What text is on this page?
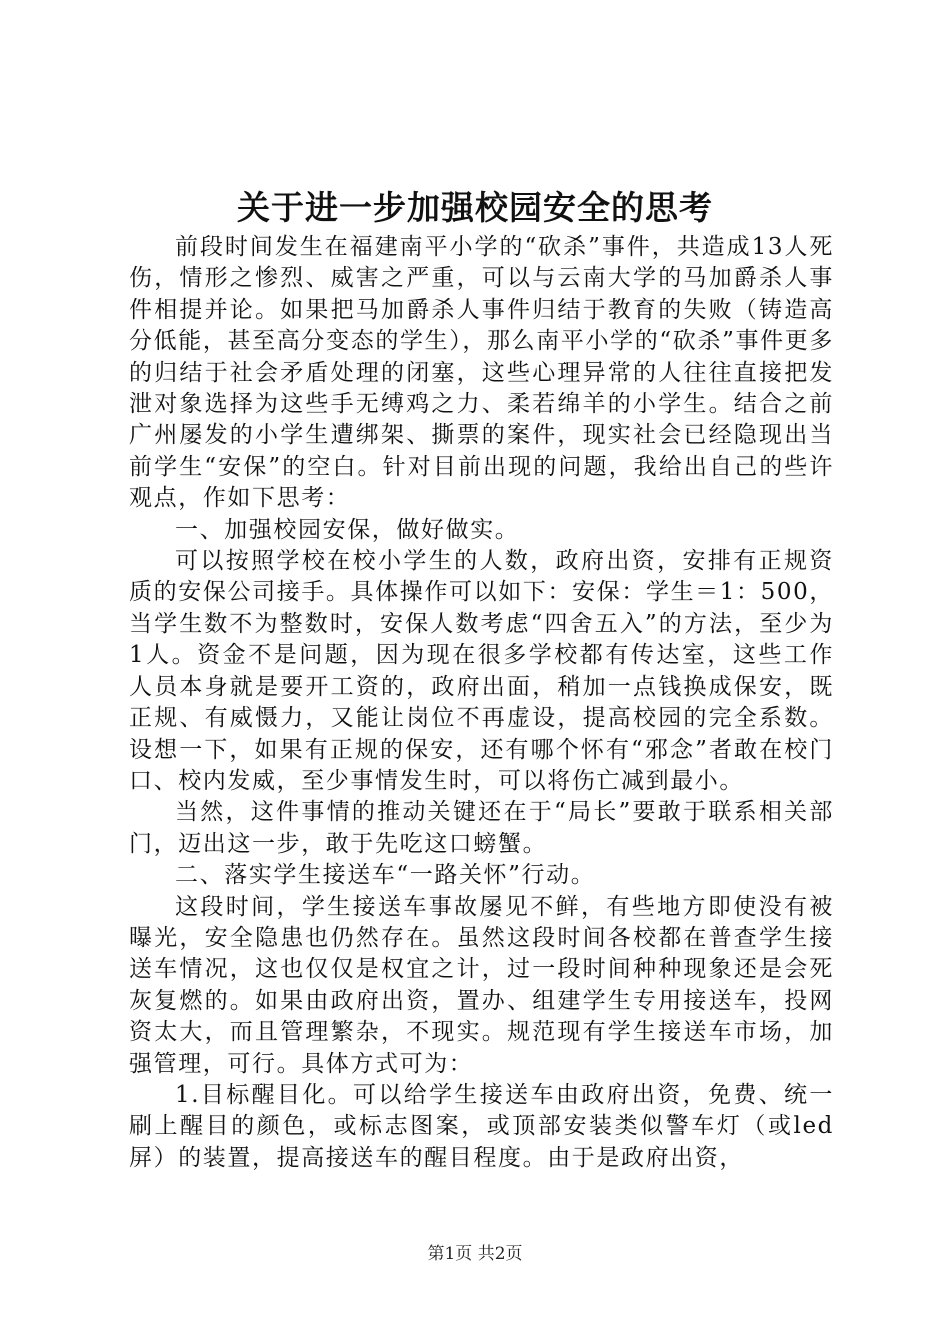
关于进一步加强校园安全的思考

前段时间发生在福建南平小学的“砍杀”事件，共造成13人死伤，情形之惨烈、威害之严重，可以与云南大学的马加爵杀人事件相提并论。如果把马加爵杀人事件归结于教育的失败（铸造高分低能，甚至高分变态的学生），那么南平小学的“砍杀”事件更多的归结于社会矛盾处理的闭塞，这些心理异常的人往往直接把发泄对象选择为这些手无缚鸡之力、柔若绵羊的小学生。结合之前广州屡发的小学生遭绑架、撕票的案件，现实社会已经隐现出当前学生“安保”的空白。针对目前出现的问题，我给出自己的些许观点，作如下思考：

一、加强校园安保，做好做实。

可以按照学校在校小学生的人数，政府出资，安排有正规资质的安保公司接手。具体操作可以如下：安保：学生＝1：500，当学生数不为整数时，安保人数考虑“四舍五入”的方法，至少为1人。资金不是问题，因为现在很多学校都有传达室，这些工作人员本身就是要开工资的，政府出面，稍加一点钱换成保安，既正规、有威慑力，又能让岗位不再虚设，提高校园的完全系数。设想一下，如果有正规的保安，还有哪个怀有“邪念”者敢在校门口、校内发威，至少事情发生时，可以将伤亡减到最小。

当然，这件事情的推动关键还在于“局长”要敢于联系相关部门，迈出这一步，敢于先吃这口螃蟹。

二、落实学生接送车“一路关怀”行动。

这段时间，学生接送车事故屡见不鲜，有些地方即使没有被曝光，安全隐患也仍然存在。虽然这段时间各校都在普查学生接送车情况，这也仅仅是权宜之计，过一段时间种种现象还是会死灰复燃的。如果由政府出资，置办、组建学生专用接送车，投网资太大，而且管理繁杂，不现实。规范现有学生接送车市场，加强管理，可行。具体方式可为：

1.目标醒目化。可以给学生接送车由政府出资，免费、统一刷上醒目的颜色，或标志图案，或顶部安装类似警车灯（或led屏）的装置，提高接送车的醒目程度。由于是政府出资，

第1页 共2页
